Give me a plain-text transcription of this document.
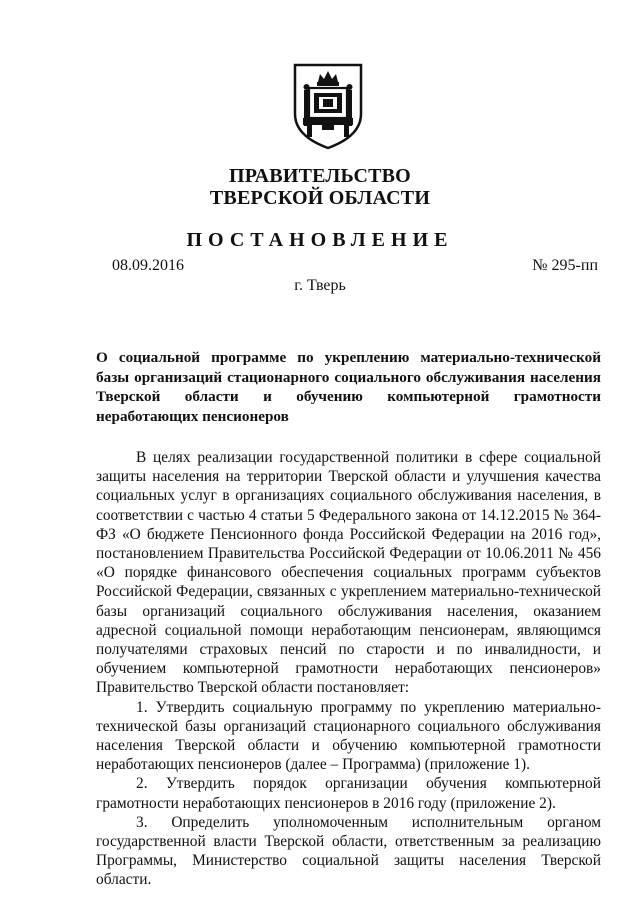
ПРАВИТЕЛЬСТВО
ТВЕРСКОЙ ОБЛАСТИ
ПОСТАНОВЛЕНИЕ
08.09.2016	№ 295-пп
г. Тверь
О социальной программе по укреплению материально-технической базы организаций стационарного социального обслуживания населения Тверской области и обучению компьютерной грамотности неработающих пенсионеров

В целях реализации государственной политики в сфере социальной защиты населения на территории Тверской области и улучшения качества социальных услуг в организациях социального обслуживания населения, в соответствии с частью 4 статьи 5 Федерального закона от 14.12.2015 № 364-ФЗ «О бюджете Пенсионного фонда Российской Федерации на 2016 год», постановлением Правительства Российской Федерации от 10.06.2011 № 456 «О порядке финансового обеспечения социальных программ субъектов Российской Федерации, связанных с укреплением материально-технической базы организаций социального обслуживания населения, оказанием адресной социальной помощи неработающим пенсионерам, являющимся получателями страховых пенсий по старости и по инвалидности, и обучением компьютерной грамотности неработающих пенсионеров» Правительство Тверской области постановляет:

1. Утвердить социальную программу по укреплению материально-технической базы организаций стационарного социального обслуживания населения Тверской области и обучению компьютерной грамотности неработающих пенсионеров (далее – Программа) (приложение 1).

2. Утвердить порядок организации обучения компьютерной грамотности неработающих пенсионеров в 2016 году (приложение 2).

3. Определить уполномоченным исполнительным органом государственной власти Тверской области, ответственным за реализацию Программы, Министерство социальной защиты населения Тверской области.
